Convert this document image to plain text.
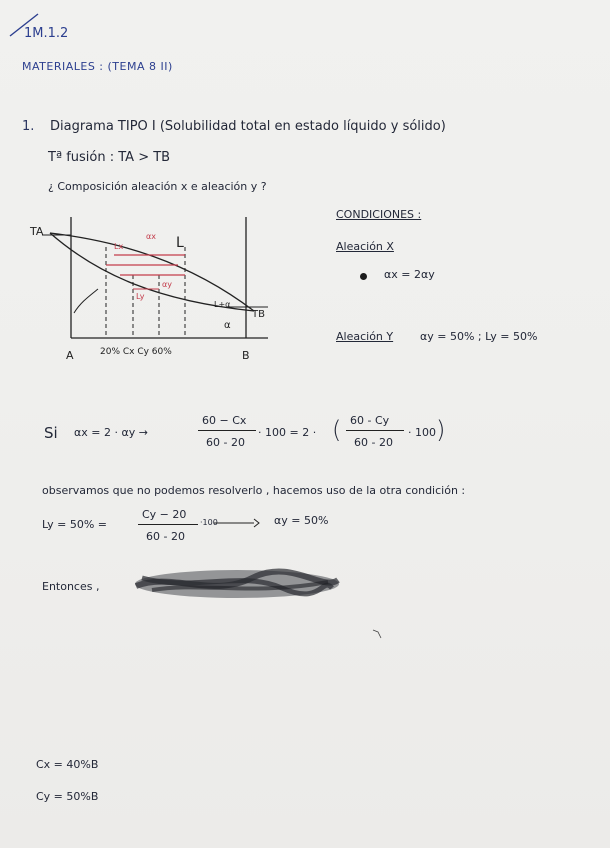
1M.1.2
MATERIALES : (TEMA 8 II)
1. Diagrama TIPO I (Solubilidad total en estado líquido y sólido)
Tª fusión : TA > TB
¿ Composición aleación x e aleación y ?
TA
TB
L
L+α
α
Lx
αx
αy
Ly
A	B
20% Cx Cy 60%
CONDICIONES :
Aleación X
αx = 2αy
Aleación Y αy = 50% ; Ly = 50%
Si αx = 2 · αy →
60 − Cx
60 - 20
· 100 = 2 · ( 60 - Cy
60 - 20
· 100 )
observamos que no podemos resolverlo , hacemos uso de la otra condición :
Ly = 50% =
Cy − 20
60 - 20
·100	αy = 50%
Entonces ,
Cx = 40%B
Cy = 50%B
